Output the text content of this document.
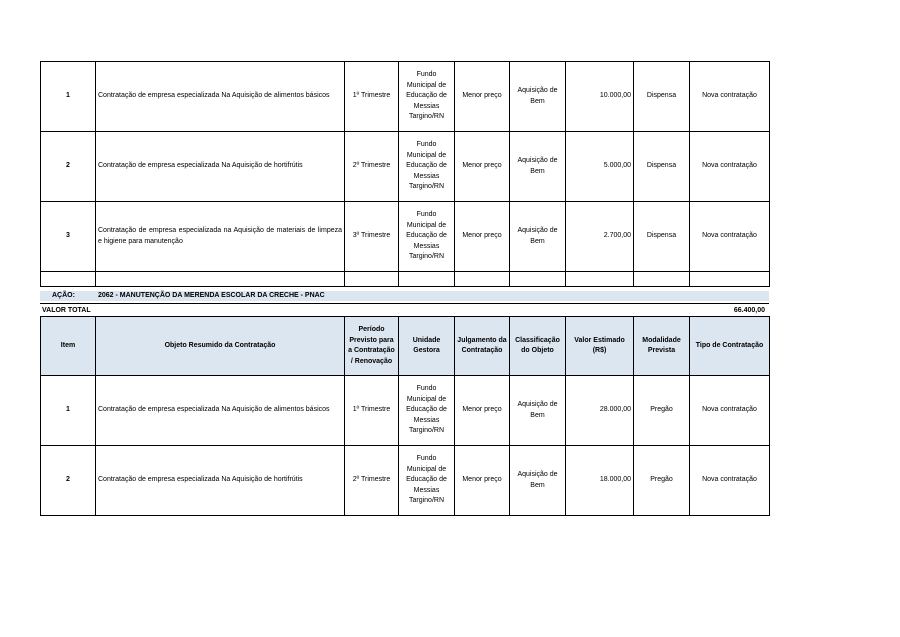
1	Contratação de empresa especializada Na Aquisição de alimentos básicos	1º Trimestre	Fundo Municipal de Educação de Messias Targino/RN	Menor preço	Aquisição de Bem	10.000,00	Dispensa	Nova contratação
2	Contratação de empresa especializada Na Aquisição de hortifrútis	2º Trimestre	Fundo Municipal de Educação de Messias Targino/RN	Menor preço	Aquisição de Bem	5.000,00	Dispensa	Nova contratação
3	Contratação de empresa especializada na Aquisição de materiais de limpeza e higiene para manutenção	3º Trimestre	Fundo Municipal de Educação de Messias Targino/RN	Menor preço	Aquisição de Bem	2.700,00	Dispensa	Nova contratação

AÇÃO:	2062 - MANUTENÇÃO DA MERENDA ESCOLAR DA CRECHE - PNAC
VALOR TOTAL	66.400,00
Item	Objeto Resumido da Contratação	Período Previsto para a Contratação / Renovação	Unidade Gestora	Julgamento da Contratação	Classificação do Objeto	Valor Estimado (R$)	Modalidade Prevista	Tipo de Contratação
1	Contratação de empresa especializada Na Aquisição de alimentos básicos	1º Trimestre	Fundo Municipal de Educação de Messias Targino/RN	Menor preço	Aquisição de Bem	28.000,00	Pregão	Nova contratação
2	Contratação de empresa especializada Na Aquisição de hortifrútis	2º Trimestre	Fundo Municipal de Educação de Messias Targino/RN	Menor preço	Aquisição de Bem	18.000,00	Pregão	Nova contratação
